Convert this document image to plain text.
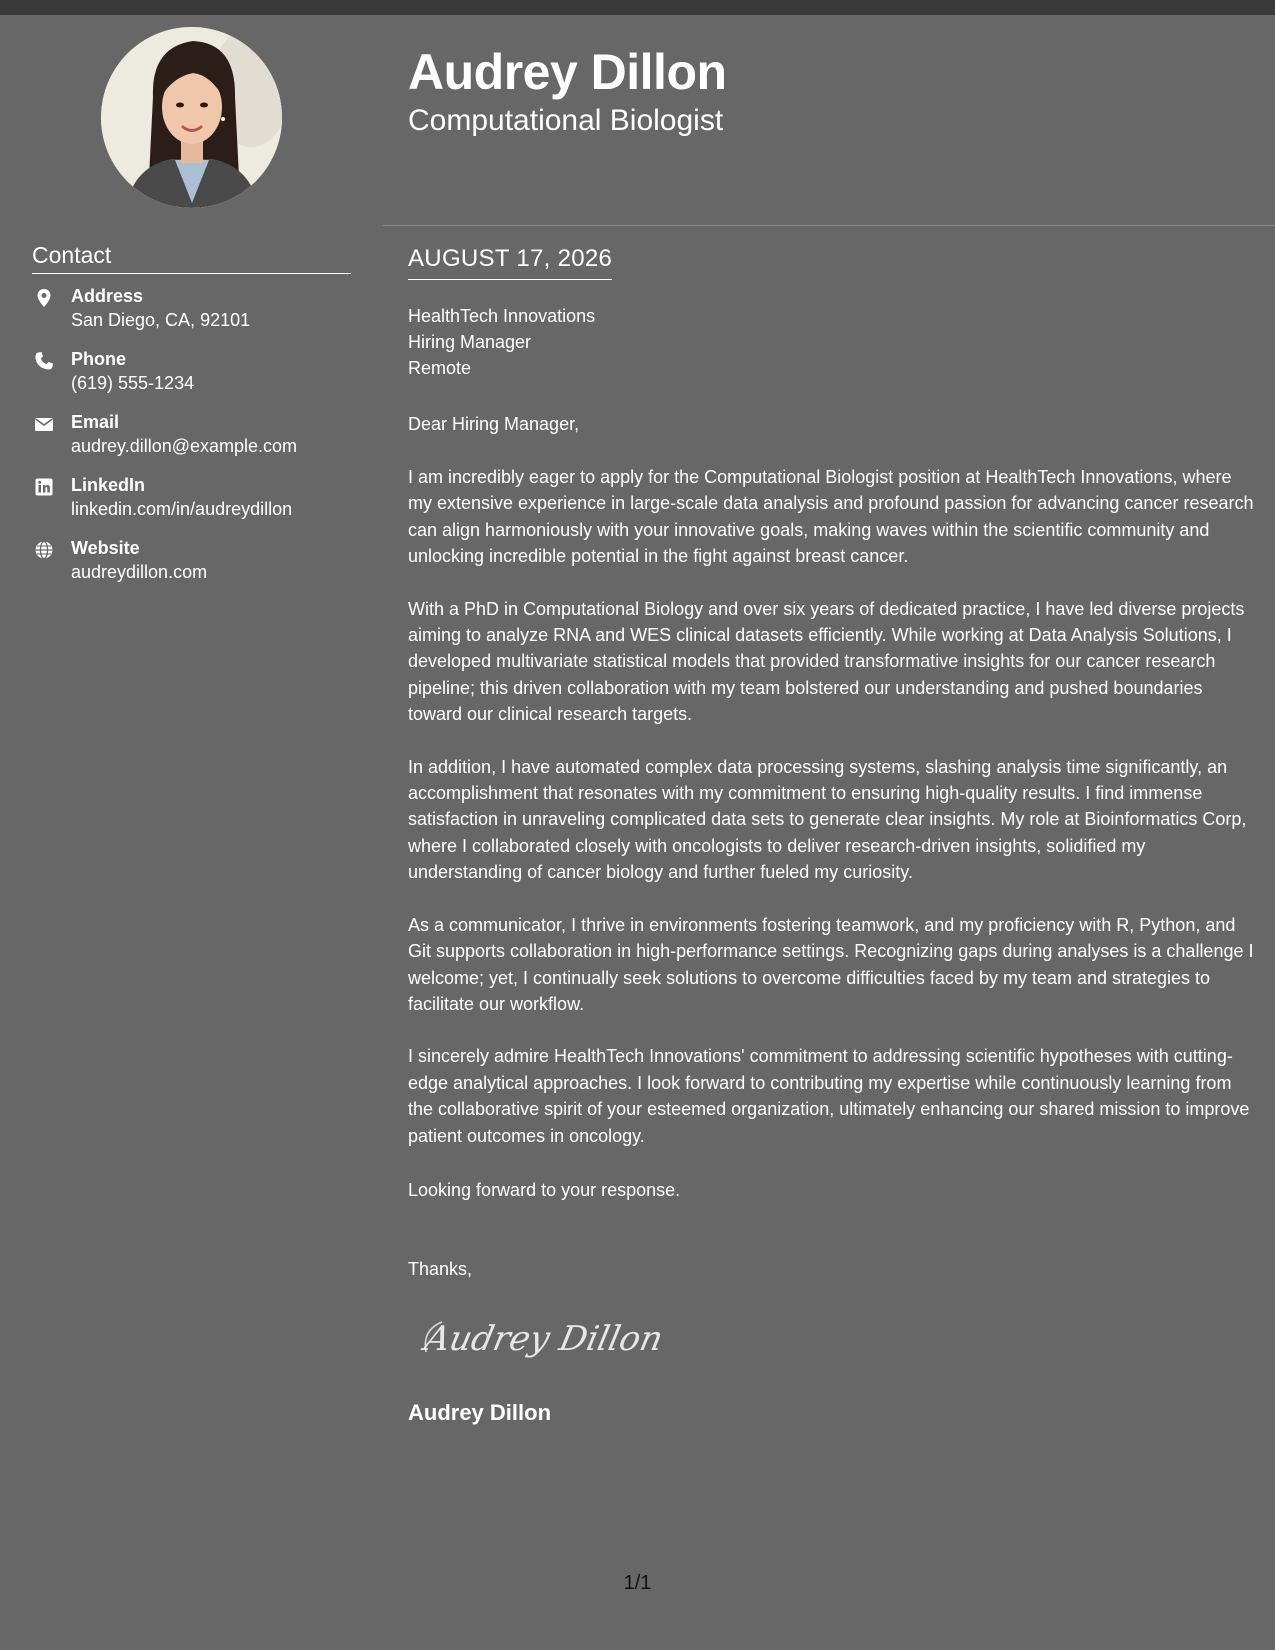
Contact
Address
San Diego, CA, 92101
Phone
(619) 555-1234
Email
audrey.dillon@example.com
LinkedIn
linkedin.com/in/audreydillon
Website
audreydillon.com
Audrey Dillon
Computational Biologist
AUGUST 17, 2026
HealthTech Innovations
Hiring Manager
Remote
Dear Hiring Manager,

I am incredibly eager to apply for the Computational Biologist position at HealthTech Innovations, where my extensive experience in large-scale data analysis and profound passion for advancing cancer research can align harmoniously with your innovative goals, making waves within the scientific community and unlocking incredible potential in the fight against breast cancer.

With a PhD in Computational Biology and over six years of dedicated practice, I have led diverse projects aiming to analyze RNA and WES clinical datasets efficiently. While working at Data Analysis Solutions, I developed multivariate statistical models that provided transformative insights for our cancer research pipeline; this driven collaboration with my team bolstered our understanding and pushed boundaries toward our clinical research targets.

In addition, I have automated complex data processing systems, slashing analysis time significantly, an accomplishment that resonates with my commitment to ensuring high-quality results. I find immense satisfaction in unraveling complicated data sets to generate clear insights. My role at Bioinformatics Corp, where I collaborated closely with oncologists to deliver research-driven insights, solidified my understanding of cancer biology and further fueled my curiosity.

As a communicator, I thrive in environments fostering teamwork, and my proficiency with R, Python, and Git supports collaboration in high-performance settings. Recognizing gaps during analyses is a challenge I welcome; yet, I continually seek solutions to overcome difficulties faced by my team and strategies to facilitate our workflow.

I sincerely admire HealthTech Innovations' commitment to addressing scientific hypotheses with cutting-edge analytical approaches. I look forward to contributing my expertise while continuously learning from the collaborative spirit of your esteemed organization, ultimately enhancing our shared mission to improve patient outcomes in oncology.

Looking forward to your response.
Thanks,
Audrey Dillon
Audrey Dillon
1/1
